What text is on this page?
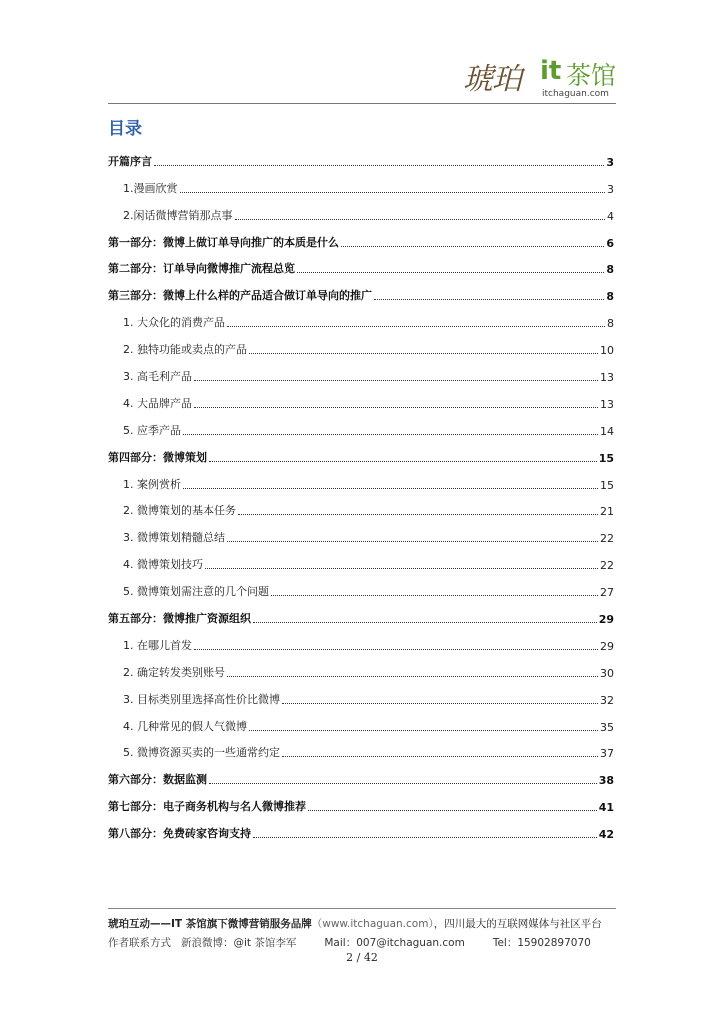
琥珀 it 茶馆
itchaguan.com
目录
开篇序言	3
1.漫画欣赏	3
2.闲话微博营销那点事	4
第一部分：微博上做订单导向推广的本质是什么	6
第二部分：订单导向微博推广流程总览	8
第三部分：微博上什么样的产品适合做订单导向的推广	8
1. 大众化的消费产品	8
2. 独特功能或卖点的产品	10
3. 高毛利产品	13
4. 大品牌产品	13
5. 应季产品	14
第四部分：微博策划	15
1. 案例赏析	15
2. 微博策划的基本任务	21
3. 微博策划精髓总结	22
4. 微博策划技巧	22
5. 微博策划需注意的几个问题	27
第五部分：微博推广资源组织	29
1. 在哪儿首发	29
2. 确定转发类别账号	30
3. 目标类别里选择高性价比微博	32
4. 几种常见的假人气微博	35
5. 微博资源买卖的一些通常约定	37
第六部分：数据监测	38
第七部分：电子商务机构与名人微博推荐	41
第八部分：免费砖家咨询支持	42
琥珀互动——IT 茶馆旗下微博营销服务品牌（www.itchaguan.com），四川最大的互联网媒体与社区平台
作者联系方式 新浪微博：@it 茶馆李军	Mail：007@itchaguan.com	Tel：15902897070
2 / 42
